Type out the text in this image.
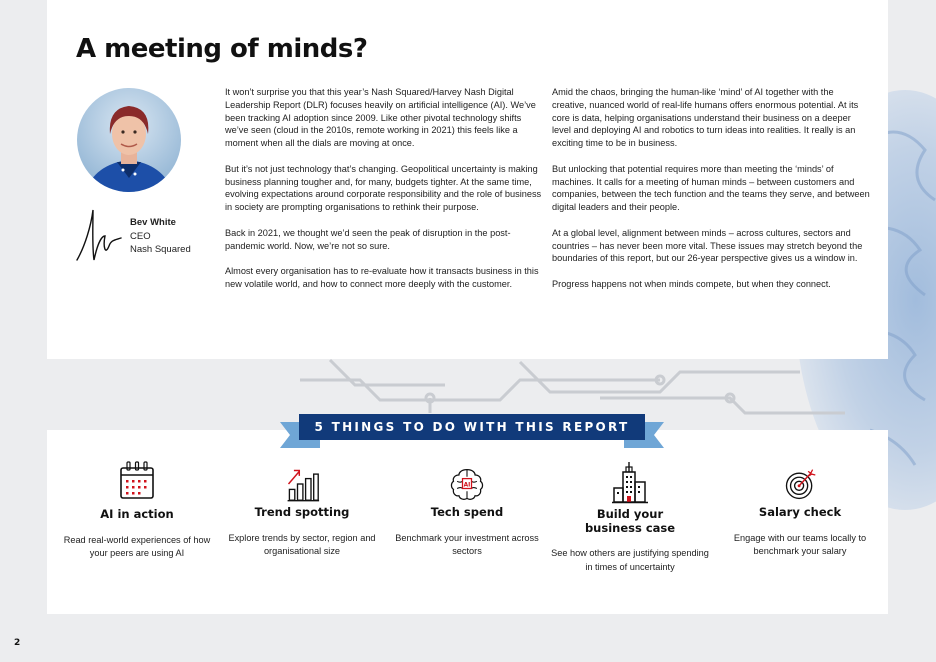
A meeting of minds?
Bev White
CEO
Nash Squared

It won’t surprise you that this year’s Nash Squared/Harvey Nash Digital Leadership Report (DLR) focuses heavily on artificial intelligence (AI). We’ve been tracking AI adoption since 2009. Like other pivotal technology shifts we’ve seen (cloud in the 2010s, remote working in 2021) this feels like a moment when all the dials are moving at once.

But it’s not just technology that’s changing. Geopolitical uncertainty is making business planning tougher and, for many, budgets tighter. At the same time, evolving expectations around corporate responsibility and the role of business in society are prompting organisations to rethink their purpose.

Back in 2021, we thought we’d seen the peak of disruption in the post-pandemic world. Now, we’re not so sure.

Almost every organisation has to re-evaluate how it transacts business in this new volatile world, and how to connect more deeply with the customer.

Amid the chaos, bringing the human-like ‘mind’ of AI together with the creative, nuanced world of real-life humans offers enormous potential. At its core is data, helping organisations understand their business on a deeper level and deploying AI and robotics to turn ideas into realities. It really is an exciting time to be in business.

But unlocking that potential requires more than meeting the ‘minds’ of machines. It calls for a meeting of human minds – between customers and companies, between the tech function and the teams they serve, and between digital leaders and their people.

At a global level, alignment between minds – across cultures, sectors and countries – has never been more vital. These issues may stretch beyond the boundaries of this report, but our 26-year perspective gives us a window in.

Progress happens not when minds compete, but when they connect.

5 THINGS TO DO WITH THIS REPORT
AI in action

Read real-world experiences of how your peers are using AI

Trend spotting

Explore trends by sector, region and organisational size

AI
Tech spend

Benchmark your investment across sectors

Build your business case

See how others are justifying spending in times of uncertainty

Salary check

Engage with our teams locally to benchmark your salary

2
